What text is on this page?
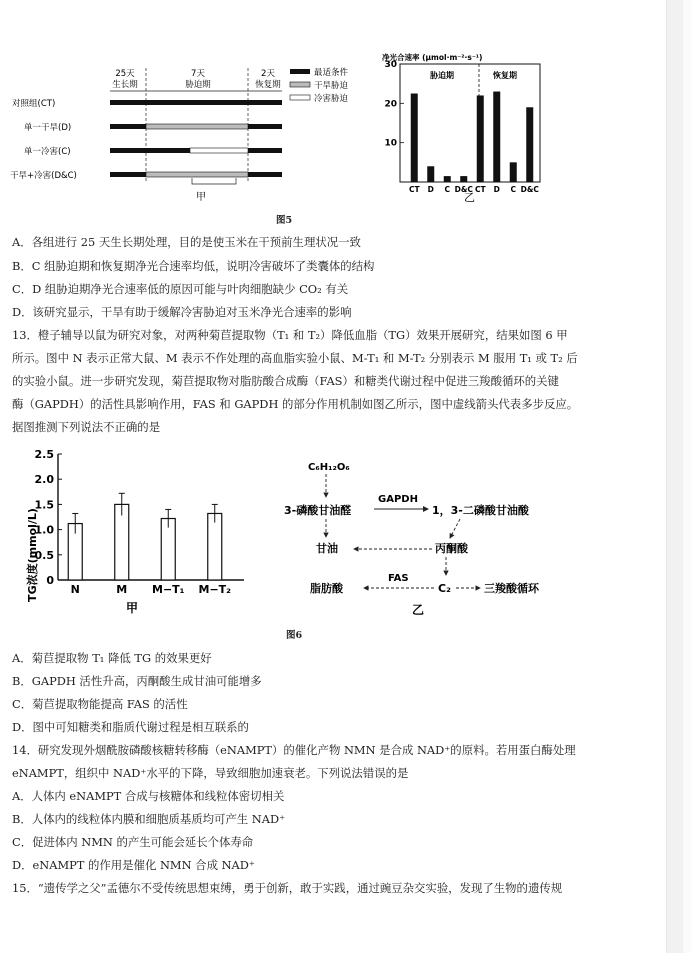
25天
生长期
7天
胁迫期
2天
恢复期
对照组(CT)
单一干旱(D)
单一冷害(C)
干旱+冷害(D&C)
甲
最适条件
干旱胁迫
冷害胁迫
净光合速率 (μmol·m⁻²·s⁻¹)
胁迫期	恢复期
乙
10
20
30
CT D C D&C CT D C D&C
图5
A．各组进行 25 天生长期处理，目的是使玉米在干预前生理状况一致
B．C 组胁迫期和恢复期净光合速率均低，说明冷害破坏了类囊体的结构
C．D 组胁迫期净光合速率低的原因可能与叶肉细胞缺少 CO₂ 有关
D．该研究显示，干旱有助于缓解冷害胁迫对玉米净光合速率的影响
13．橙子辅导以鼠为研究对象，对两种菊苣提取物（T₁ 和 T₂）降低血脂（TG）效果开展研究，结果如图 6 甲
所示。图中 N 表示正常大鼠、M 表示不作处理的高血脂实验小鼠、M-T₁ 和 M-T₂ 分别表示 M 服用 T₁ 或 T₂ 后
的实验小鼠。进一步研究发现，菊苣提取物对脂肪酸合成酶（FAS）和糖类代谢过程中促进三羧酸循环的关键
酶（GAPDH）的活性具影响作用，FAS 和 GAPDH 的部分作用机制如图乙所示，图中虚线箭头代表多步反应。
据图推测下列说法不正确的是
TG浓度(mmol/L)
甲
0
0.5
1.0
1.5
2.0
2.5
N	M M−T₁ M−T₂
C₆H₁₂O₆
3-磷酸甘油醛
GAPDH
1，3-二磷酸甘油酸
甘油	丙酮酸
脂肪酸
FAS
C₂	三羧酸循环
乙
图6
A．菊苣提取物 T₁ 降低 TG 的效果更好
B．GAPDH 活性升高，丙酮酸生成甘油可能增多
C．菊苣提取物能提高 FAS 的活性
D．图中可知糖类和脂质代谢过程是相互联系的
14．研究发现外烟酰胺磷酸核糖转移酶（eNAMPT）的催化产物 NMN 是合成 NAD⁺的原料。若用蛋白酶处理
eNAMPT，组织中 NAD⁺水平的下降，导致细胞加速衰老。下列说法错误的是
A．人体内 eNAMPT 合成与核糖体和线粒体密切相关
B．人体内的线粒体内膜和细胞质基质均可产生 NAD⁺
C．促进体内 NMN 的产生可能会延长个体寿命
D．eNAMPT 的作用是催化 NMN 合成 NAD⁺
15．“遗传学之父”孟德尔不受传统思想束缚，勇于创新，敢于实践，通过豌豆杂交实验，发现了生物的遗传规
